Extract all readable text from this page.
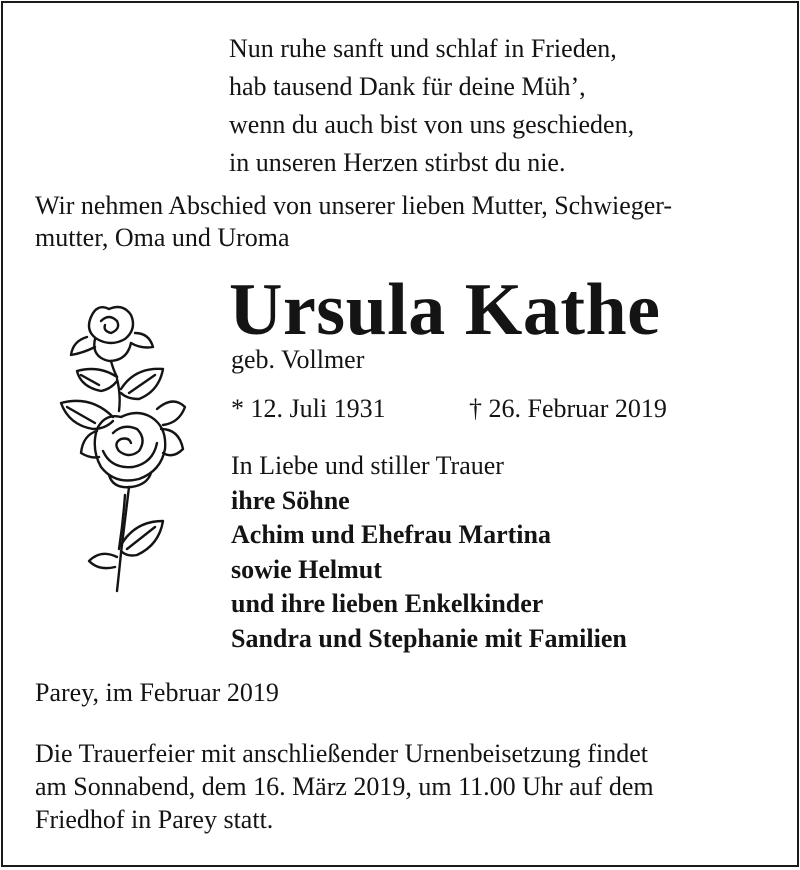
Nun ruhe sanft und schlaf in Frieden,
hab tausend Dank für deine Müh’,
wenn du auch bist von uns geschieden,
in unseren Herzen stirbst du nie.
Wir nehmen Abschied von unserer lieben Mutter, Schwieger-
mutter, Oma und Uroma
Ursula Kathe
geb. Vollmer
* 12. Juli 1931	† 26. Februar 2019
In Liebe und stiller Trauer
ihre Söhne
Achim und Ehefrau Martina
sowie Helmut
und ihre lieben Enkelkinder
Sandra und Stephanie mit Familien
Parey, im Februar 2019
Die Trauerfeier mit anschließender Urnenbeisetzung findet
am Sonnabend, dem 16. März 2019, um 11.00 Uhr auf dem
Friedhof in Parey statt.
